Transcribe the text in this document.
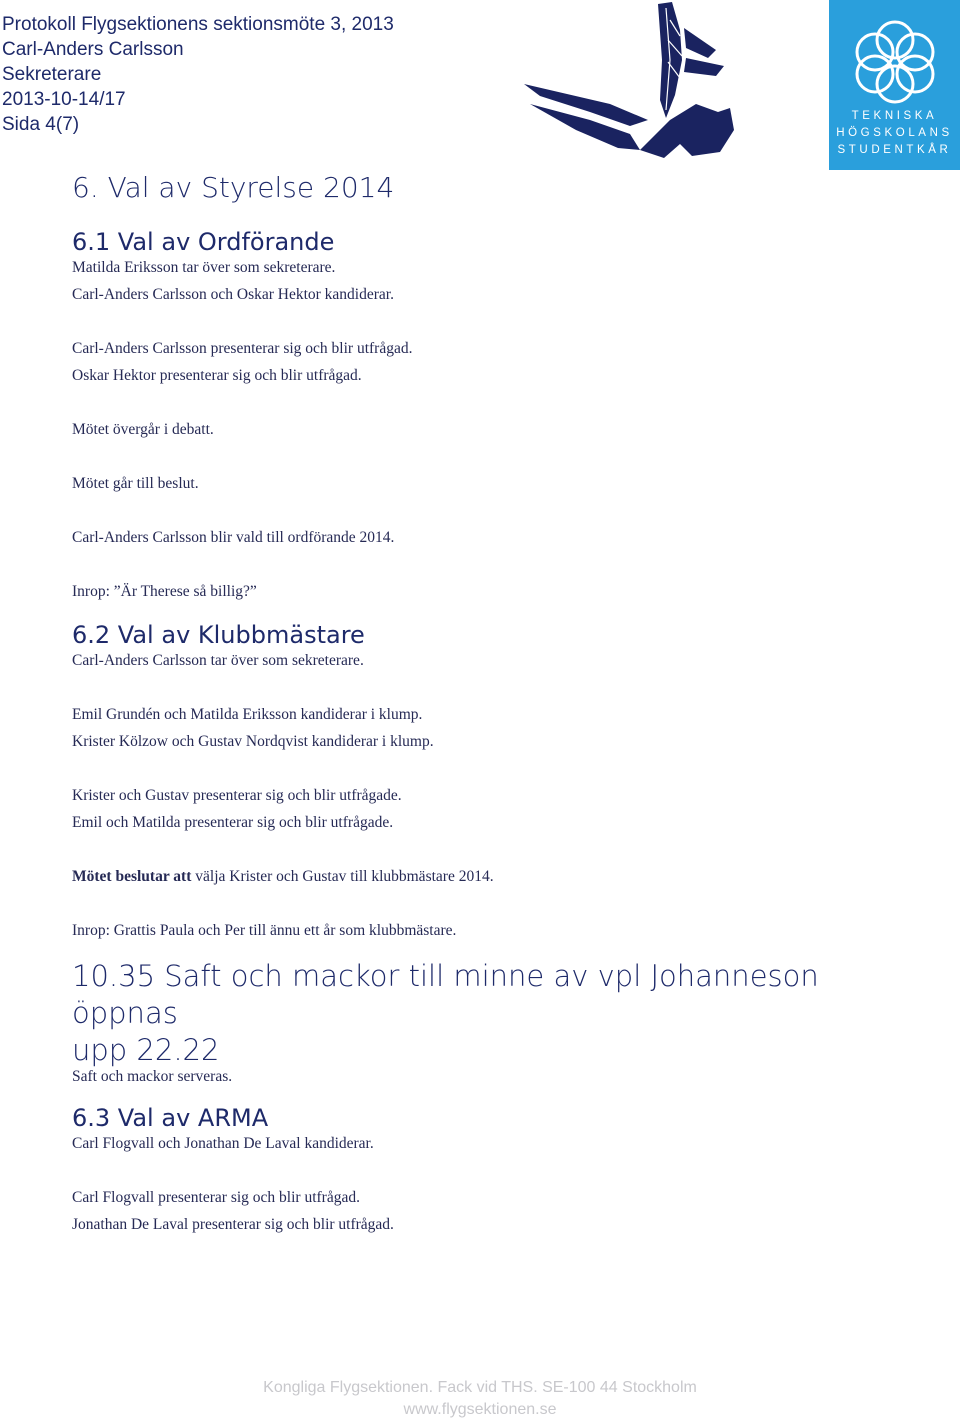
Protokoll Flygsektionens sektionsmöte 3, 2013
Carl-Anders Carlsson
Sekreterare
2013-10-14/17
Sida 4(7)	TEKNISKA
HÖGSKOLANS
STUDENTKÅR
6. Val av Styrelse 2014
6.1 Val av Ordförande
Matilda Eriksson tar över som sekreterare.
Carl-Anders Carlsson och Oskar Hektor kandiderar.
Carl-Anders Carlsson presenterar sig och blir utfrågad.
Oskar Hektor presenterar sig och blir utfrågad.
Mötet övergår i debatt.
Mötet går till beslut.
Carl-Anders Carlsson blir vald till ordförande 2014.
Inrop: ”Är Therese så billig?”
6.2 Val av Klubbmästare
Carl-Anders Carlsson tar över som sekreterare.
Emil Grundén och Matilda Eriksson kandiderar i klump.
Krister Kölzow och Gustav Nordqvist kandiderar i klump.
Krister och Gustav presenterar sig och blir utfrågade.
Emil och Matilda presenterar sig och blir utfrågade.
Mötet beslutar att välja Krister och Gustav till klubbmästare 2014.
Inrop: Grattis Paula och Per till ännu ett år som klubbmästare.
10.35 Saft och mackor till minne av vpl Johanneson öppnas
upp 22.22
Saft och mackor serveras.
6.3 Val av ARMA
Carl Flogvall och Jonathan De Laval kandiderar.
Carl Flogvall presenterar sig och blir utfrågad.
Jonathan De Laval presenterar sig och blir utfrågad.
Kongliga Flygsektionen. Fack vid THS. SE-100 44 Stockholm
www.flygsektionen.se
